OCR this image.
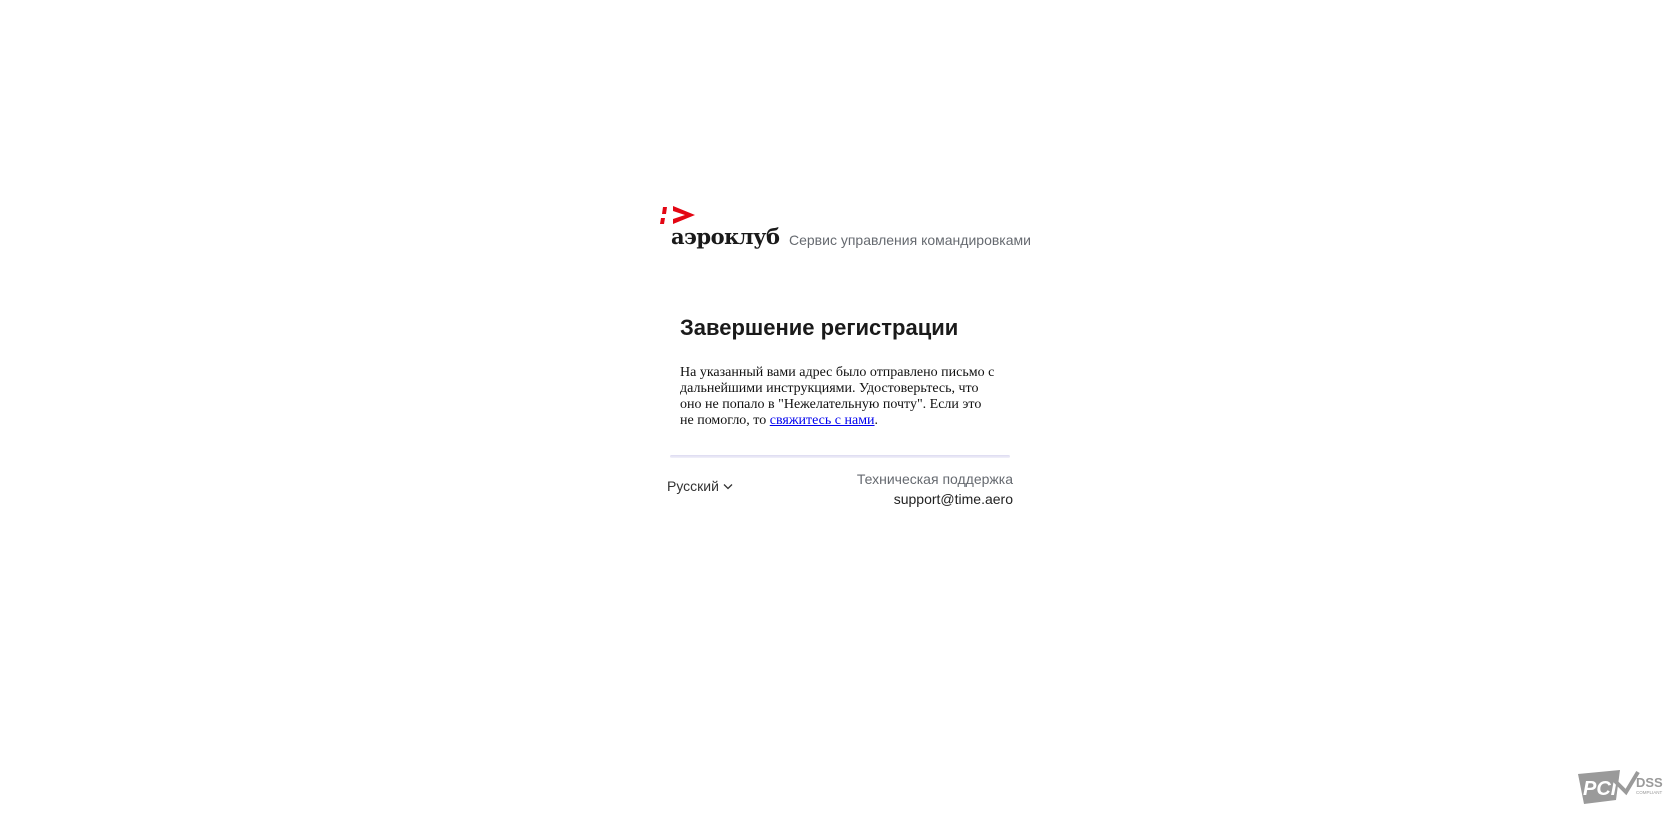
аэроклуб Сервис управления командировками
Завершение регистрации

На указанный вами адрес было отправлено письмо с дальнейшими инструкциями. Удостоверьтесь, что оно не попало в "Нежелательную почту". Если это не помогло, то свяжитесь с нами.

Русский	Техническая поддержка
support@time.aero
PCI DSS
COMPLIANT
